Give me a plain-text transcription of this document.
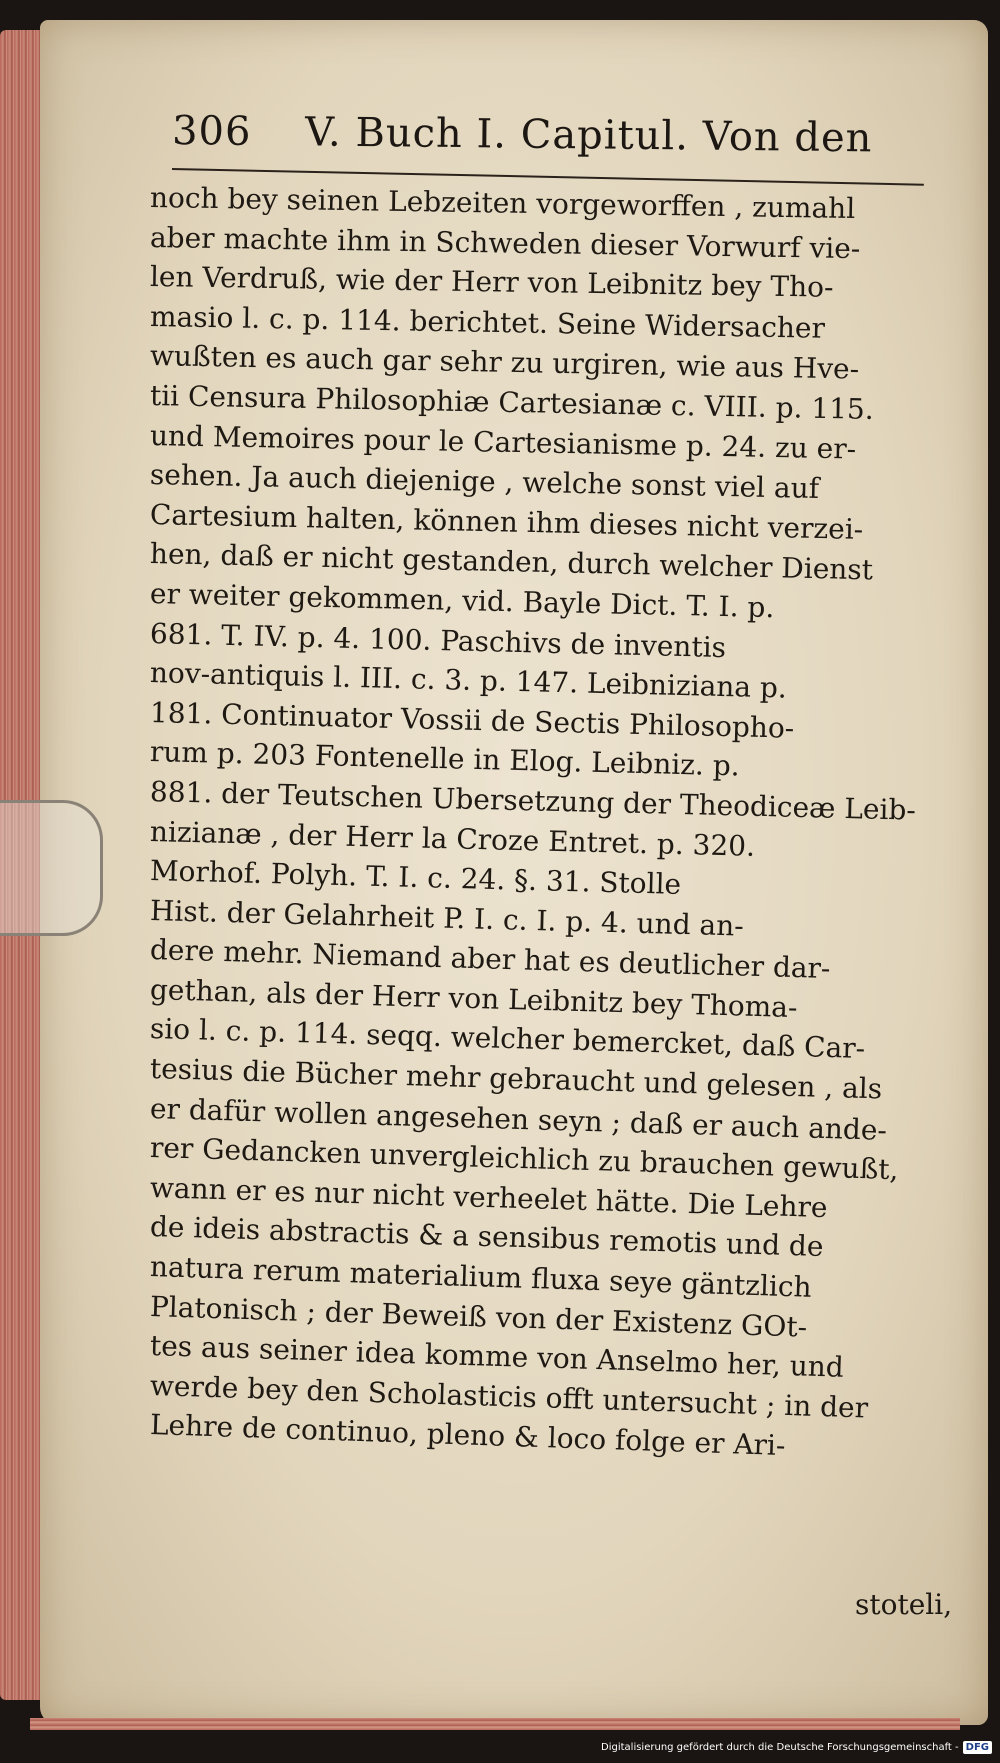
306 V. Buch I. Capitul. Von den
noch bey seinen Lebzeiten vorgeworffen , zumahl
aber machte ihm in Schweden dieser Vorwurf vie-
len Verdruß, wie der Herr von Leibnitz bey Tho-
masio l. c. p. 114. berichtet. Seine Widersacher
wußten es auch gar sehr zu urgiren, wie aus Hve-
tii Censura Philosophiæ Cartesianæ c. VIII. p. 115.
und Memoires pour le Cartesianisme p. 24. zu er-
sehen. Ja auch diejenige , welche sonst viel auf
Cartesium halten, können ihm dieses nicht verzei-
hen, daß er nicht gestanden, durch welcher Dienst
er weiter gekommen, vid. Bayle Dict. T. I. p.
681. T. IV. p. 4. 100. Paschivs de inventis
nov-antiquis l. III. c. 3. p. 147. Leibniziana p.
181. Continuator Vossii de Sectis Philosopho-
rum p. 203 Fontenelle in Elog. Leibniz. p.
881. der Teutschen Ubersetzung der Theodiceæ Leib-
nizianæ , der Herr la Croze Entret. p. 320.
Morhof. Polyh. T. I. c. 24. §. 31. Stolle
Hist. der Gelahrheit P. I. c. I. p. 4. und an-
dere mehr. Niemand aber hat es deutlicher dar-
gethan, als der Herr von Leibnitz bey Thoma-
sio l. c. p. 114. seqq. welcher bemercket, daß Car-
tesius die Bücher mehr gebraucht und gelesen , als
er dafür wollen angesehen seyn ; daß er auch ande-
rer Gedancken unvergleichlich zu brauchen gewußt,
wann er es nur nicht verheelet hätte. Die Lehre
de ideis abstractis & a sensibus remotis und de
natura rerum materialium fluxa seye gäntzlich
Platonisch ; der Beweiß von der Existenz GOt-
tes aus seiner idea komme von Anselmo her, und
werde bey den Scholasticis offt untersucht ; in der
Lehre de continuo, pleno & loco folge er Ari-
stoteli,
Digitalisierung gefördert durch die Deutsche Forschungsgemeinschaft - DFG
